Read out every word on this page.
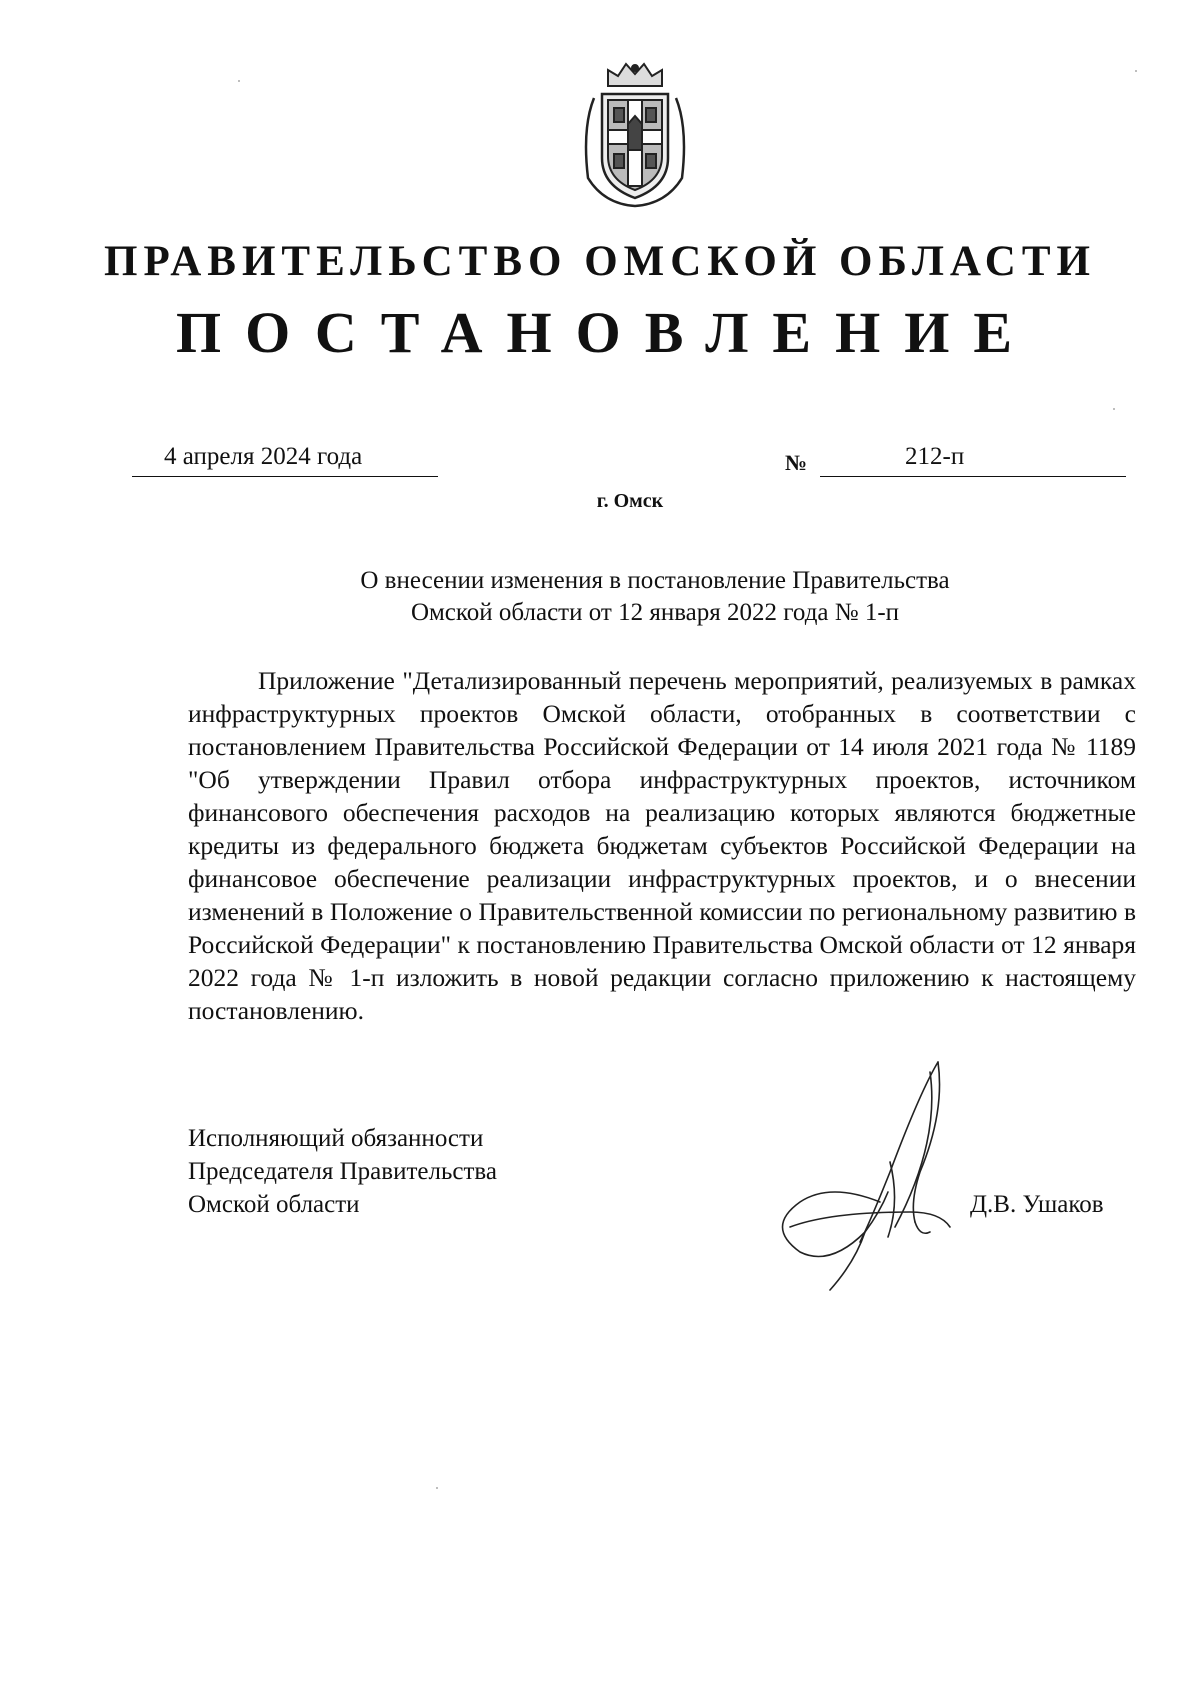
ПРАВИТЕЛЬСТВО ОМСКОЙ ОБЛАСТИ
ПОСТАНОВЛЕНИЕ
4 апреля 2024 года	№	212-п
г. Омск
О внесении изменения в постановление Правительства
Омской области от 12 января 2022 года № 1-п

Приложение "Детализированный перечень мероприятий, реализуемых в рамках инфраструктурных проектов Омской области, отобранных в соответствии с постановлением Правительства Российской Федерации от 14 июля 2021 года № 1189 "Об утверждении Правил отбора инфраструктурных проектов, источником финансового обеспечения расходов на реализацию которых являются бюджетные кредиты из федерального бюджета бюджетам субъектов Российской Федерации на финансовое обеспечение реализации инфраструктурных проектов, и о внесении изменений в Положение о Правительственной комиссии по региональному развитию в Российской Федерации" к постановлению Правительства Омской области от 12 января 2022 года № 1-п изложить в новой редакции согласно приложению к настоящему постановлению.

Исполняющий обязанности
Председателя Правительства
Омской области	Д.В. Ушаков
